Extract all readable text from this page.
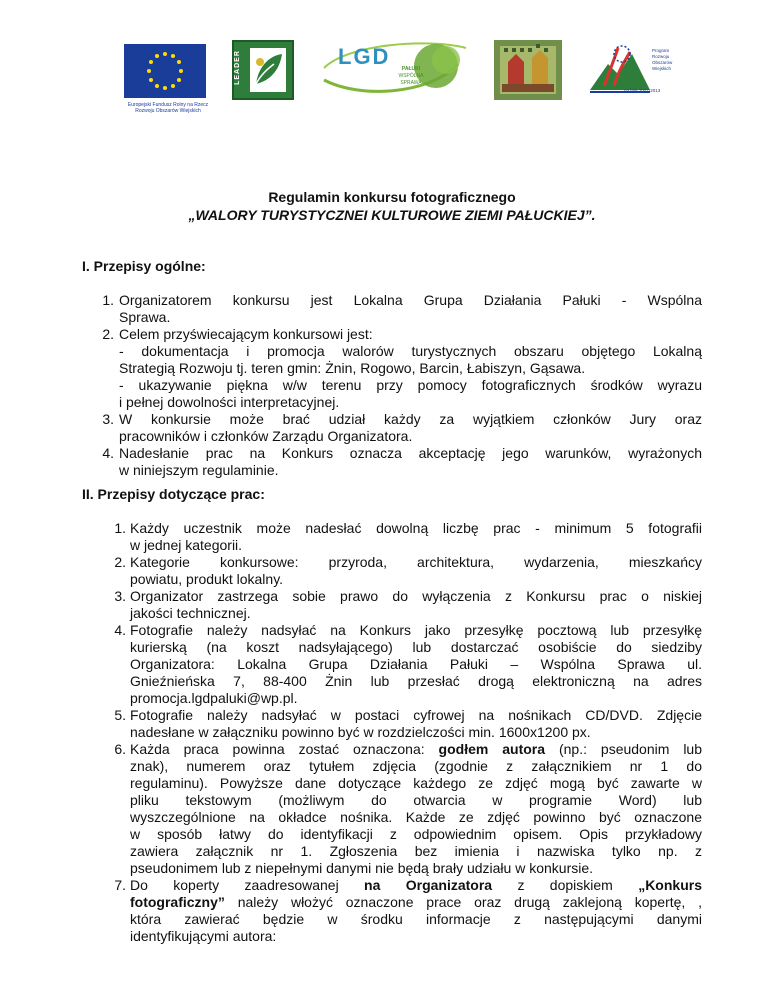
Europejski Fundusz Rolny na Rzecz
Rozwoju Obszarów Wiejskich
LEADER	LGD	PAŁUKI
WSPÓLNA
SPRAWA
Program
Rozwoju
Obszarów
Wiejskich
na lata 2007-2013
Regulamin konkursu fotograficznego
„WALORY TURYSTYCZNEI KULTUROWE ZIEMI PAŁUCKIEJ”.
I. Przepisy ogólne:
1. Organizatorem konkursu jest Lokalna Grupa Działania Pałuki - Wspólna
Sprawa.
2. Celem przyświecającym konkursowi jest:
- dokumentacja i promocja walorów turystycznych obszaru objętego Lokalną
Strategią Rozwoju tj. teren gmin: Żnin, Rogowo, Barcin, Łabiszyn, Gąsawa.
- ukazywanie piękna w/w terenu przy pomocy fotograficznych środków wyrazu
i pełnej dowolności interpretacyjnej.
3. W konkursie może brać udział każdy za wyjątkiem członków Jury oraz
pracowników i członków Zarządu Organizatora.
4. Nadesłanie prac na Konkurs oznacza akceptację jego warunków, wyrażonych
w niniejszym regulaminie.
II. Przepisy dotyczące prac:
1. Każdy uczestnik może nadesłać dowolną liczbę prac - minimum 5 fotografii
w jednej kategorii.
2. Kategorie konkursowe: przyroda, architektura, wydarzenia, mieszkańcy
powiatu, produkt lokalny.
3. Organizator zastrzega sobie prawo do wyłączenia z Konkursu prac o niskiej
jakości technicznej.
4. Fotografie należy nadsyłać na Konkurs jako przesyłkę pocztową lub przesyłkę
kurierską (na koszt nadsyłającego) lub dostarczać osobiście do siedziby
Organizatora: Lokalna Grupa Działania Pałuki – Wspólna Sprawa ul.
Gnieźnieńska 7, 88-400 Żnin lub przesłać drogą elektroniczną na adres
promocja.lgdpaluki@wp.pl.
5. Fotografie należy nadsyłać w postaci cyfrowej na nośnikach CD/DVD. Zdjęcie
nadesłane w załączniku powinno być w rozdzielczości min. 1600x1200 px.
6. Każda praca powinna zostać oznaczona: godłem autora (np.: pseudonim lub
znak), numerem oraz tytułem zdjęcia (zgodnie z załącznikiem nr 1 do
regulaminu). Powyższe dane dotyczące każdego ze zdjęć mogą być zawarte w
pliku tekstowym (możliwym do otwarcia w programie Word) lub
wyszczególnione na okładce nośnika. Każde ze zdjęć powinno być oznaczone
w sposób łatwy do identyfikacji z odpowiednim opisem. Opis przykładowy
zawiera załącznik nr 1. Zgłoszenia bez imienia i nazwiska tylko np. z
pseudonimem lub z niepełnymi danymi nie będą brały udziału w konkursie.
7. Do koperty zaadresowanej na Organizatora z dopiskiem „Konkurs
fotograficzny” należy włożyć oznaczone prace oraz drugą zaklejoną kopertę, ,
która zawierać będzie w środku informacje z następującymi danymi
identyfikującymi autora:
